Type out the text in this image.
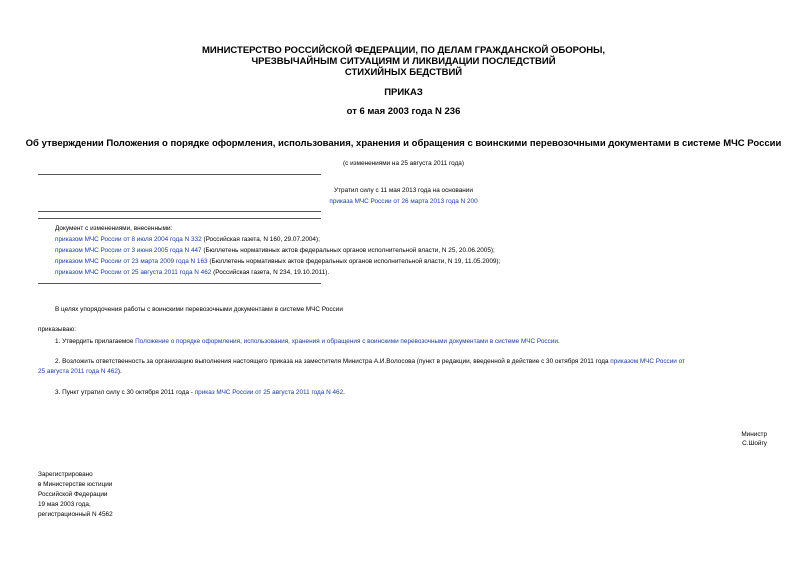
МИНИСТЕРСТВО РОССИЙСКОЙ ФЕДЕРАЦИИ, ПО ДЕЛАМ ГРАЖДАНСКОЙ ОБОРОНЫ,
ЧРЕЗВЫЧАЙНЫМ СИТУАЦИЯМ И ЛИКВИДАЦИИ ПОСЛЕДСТВИЙ
СТИХИЙНЫХ БЕДСТВИЙ
ПРИКАЗ
от 6 мая 2003 года N 236
Об утверждении Положения о порядке оформления, использования, хранения и обращения с воинскими перевозочными документами в системе МЧС России
(с изменениями на 25 августа 2011 года)
Утратил силу с 11 мая 2013 года на основании
приказа МЧС России от 26 марта 2013 года N 200
Документ с изменениями, внесенными:
приказом МЧС России от 8 июля 2004 года N 332 (Российская газета, N 160, 29.07.2004);
приказом МЧС России от 3 июня 2005 года N 447 (Бюллетень нормативных актов федеральных органов исполнительной власти, N 25, 20.06.2005);
приказом МЧС России от 23 марта 2009 года N 163 (Бюллетень нормативных актов федеральных органов исполнительной власти, N 19, 11.05.2009);
приказом МЧС России от 25 августа 2011 года N 462 (Российская газета, N 234, 19.10.2011).
В целях упорядочения работы с воинскими перевозочными документами в системе МЧС России
приказываю:
1. Утвердить прилагаемое Положение о порядке оформления, использования, хранения и обращения с воинскими перевозочными документами в системе МЧС России.
2. Возложить ответственность за организацию выполнения настоящего приказа на заместителя Министра А.И.Волосова (пункт в редакции, введенной в действие с 30 октября 2011 года приказом МЧС России от
25 августа 2011 года N 462).
3. Пункт утратил силу с 30 октября 2011 года - приказ МЧС России от 25 августа 2011 года N 462.
Министр
С.Шойгу
Зарегистрировано
в Министерстве юстиции
Российской Федерации
19 мая 2003 года,
регистрационный N 4562
